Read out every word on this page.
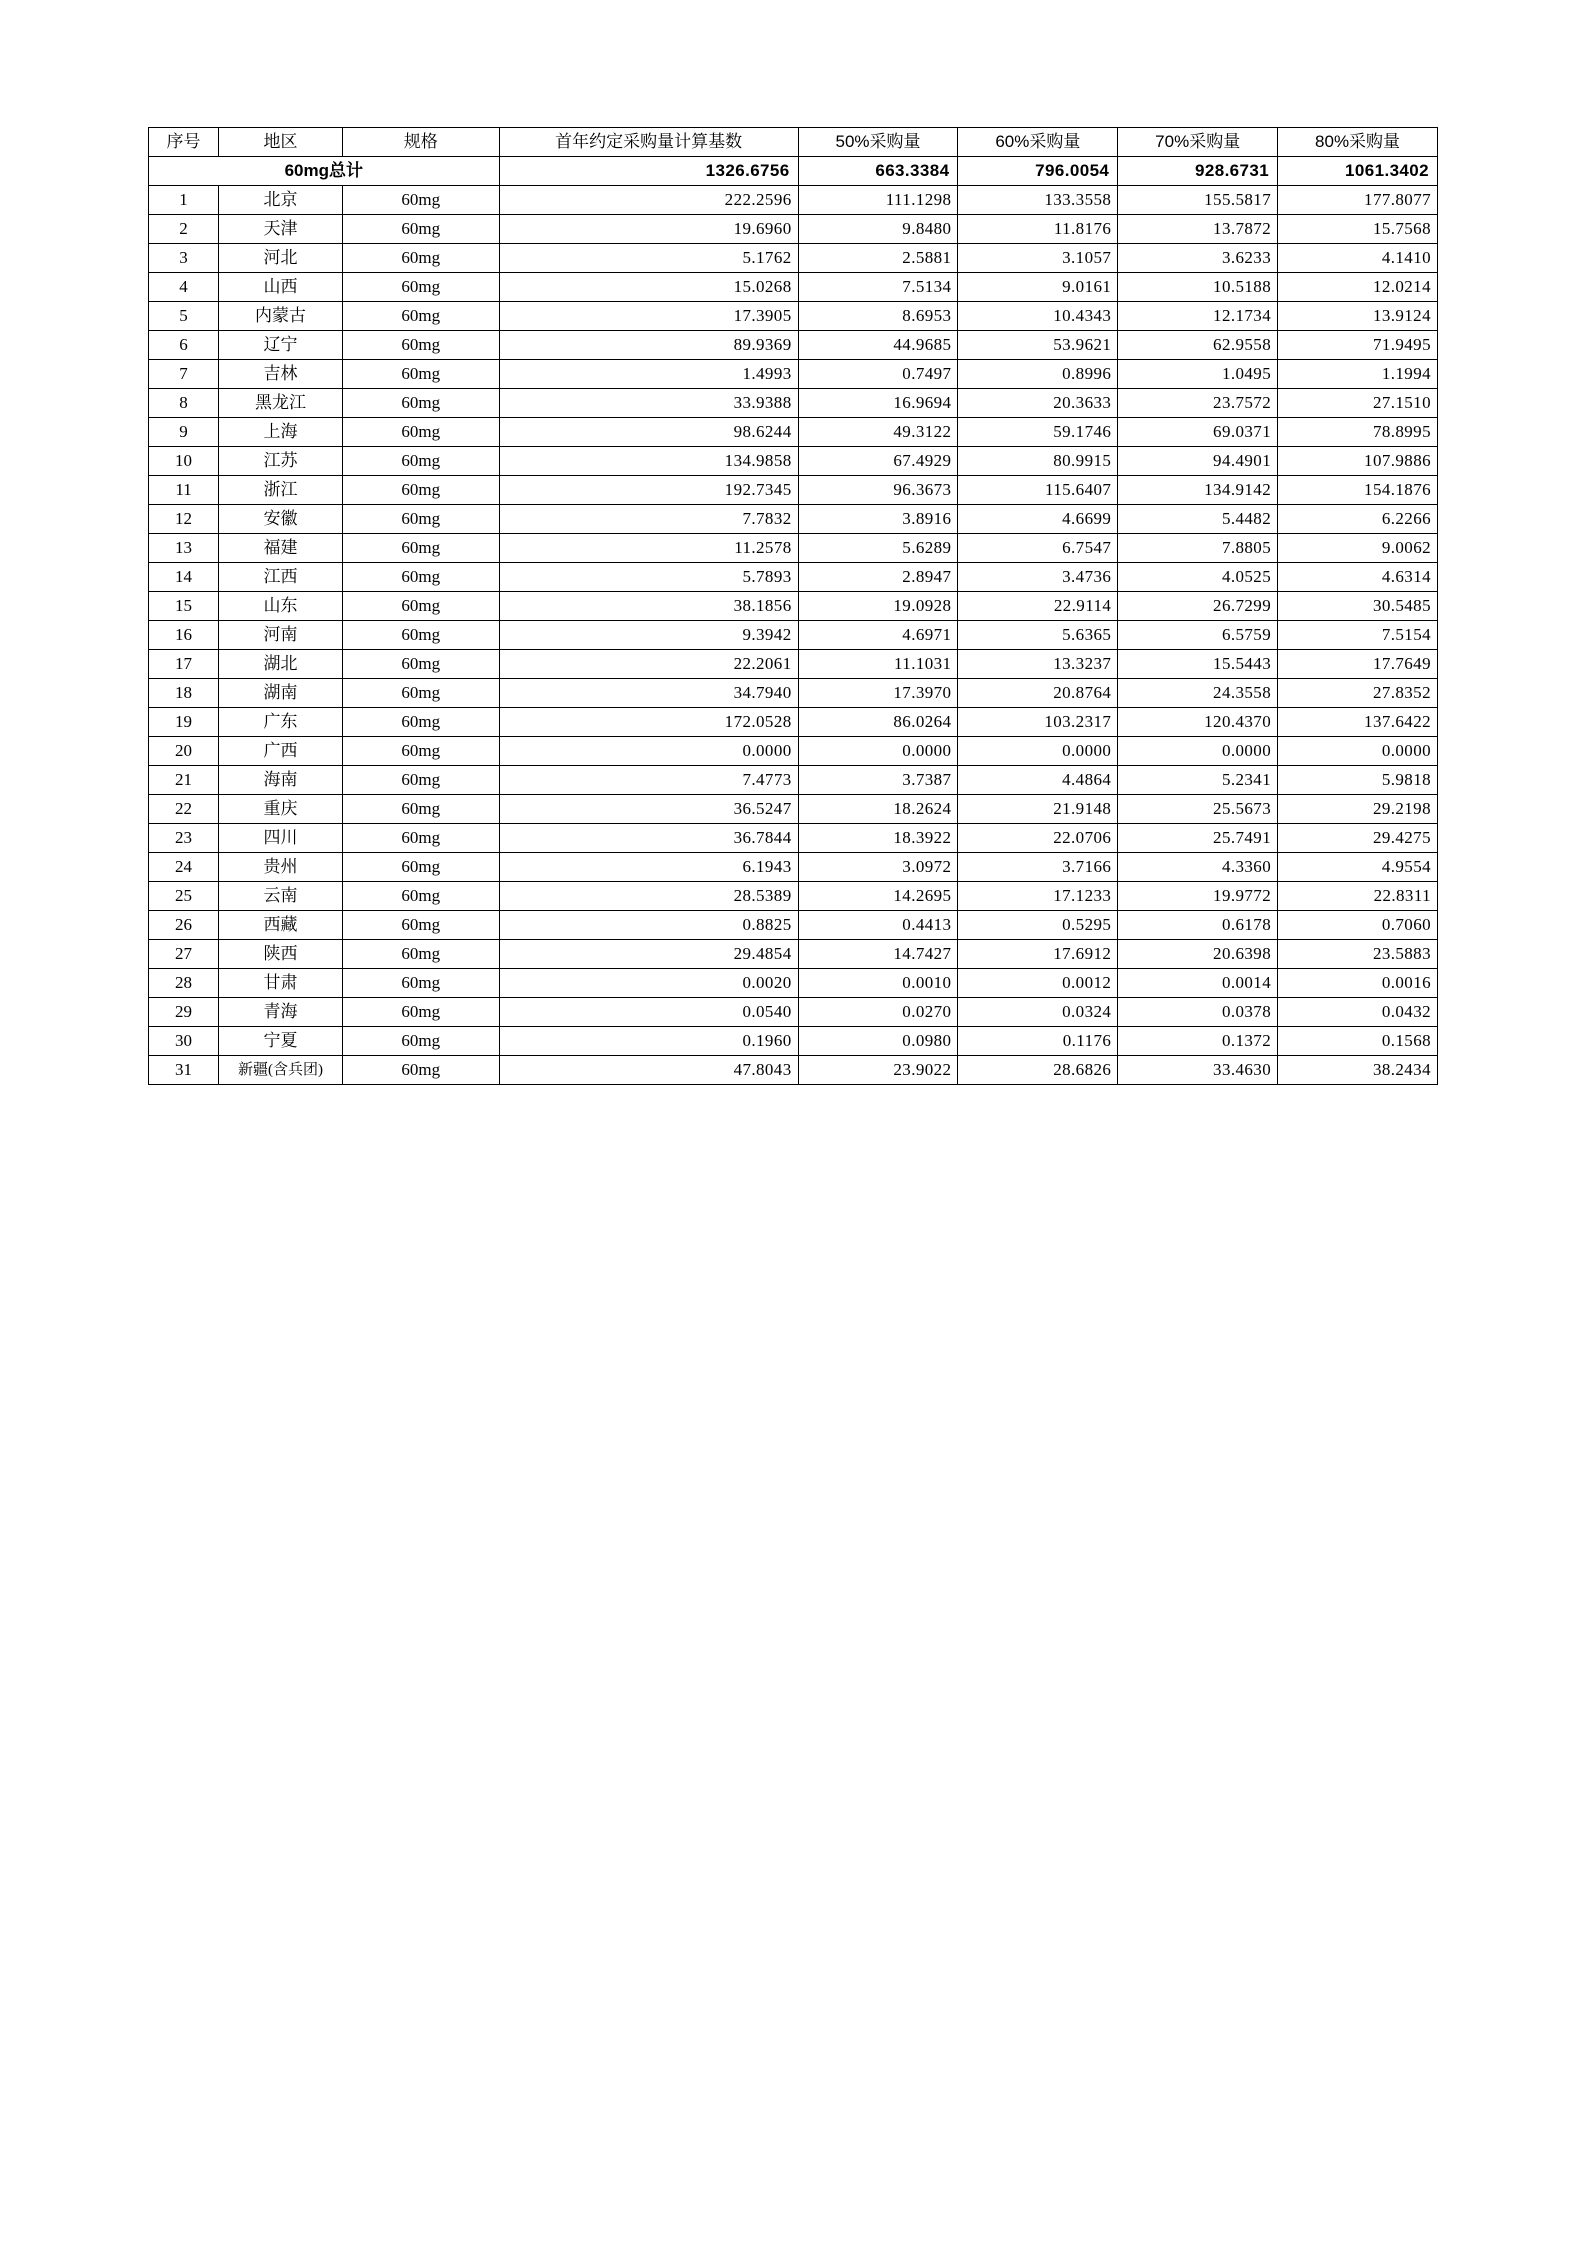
序号	地区	规格	首年约定采购量计算基数	50%采购量	60%采购量	70%采购量	80%采购量
60mg总计			1326.6756	663.3384	796.0054	928.6731	1061.3402
1	北京	60mg	222.2596	111.1298	133.3558	155.5817	177.8077
2	天津	60mg	19.6960	9.8480	11.8176	13.7872	15.7568
3	河北	60mg	5.1762	2.5881	3.1057	3.6233	4.1410
4	山西	60mg	15.0268	7.5134	9.0161	10.5188	12.0214
5	内蒙古	60mg	17.3905	8.6953	10.4343	12.1734	13.9124
6	辽宁	60mg	89.9369	44.9685	53.9621	62.9558	71.9495
7	吉林	60mg	1.4993	0.7497	0.8996	1.0495	1.1994
8	黑龙江	60mg	33.9388	16.9694	20.3633	23.7572	27.1510
9	上海	60mg	98.6244	49.3122	59.1746	69.0371	78.8995
10	江苏	60mg	134.9858	67.4929	80.9915	94.4901	107.9886
11	浙江	60mg	192.7345	96.3673	115.6407	134.9142	154.1876
12	安徽	60mg	7.7832	3.8916	4.6699	5.4482	6.2266
13	福建	60mg	11.2578	5.6289	6.7547	7.8805	9.0062
14	江西	60mg	5.7893	2.8947	3.4736	4.0525	4.6314
15	山东	60mg	38.1856	19.0928	22.9114	26.7299	30.5485
16	河南	60mg	9.3942	4.6971	5.6365	6.5759	7.5154
17	湖北	60mg	22.2061	11.1031	13.3237	15.5443	17.7649
18	湖南	60mg	34.7940	17.3970	20.8764	24.3558	27.8352
19	广东	60mg	172.0528	86.0264	103.2317	120.4370	137.6422
20	广西	60mg	0.0000	0.0000	0.0000	0.0000	0.0000
21	海南	60mg	7.4773	3.7387	4.4864	5.2341	5.9818
22	重庆	60mg	36.5247	18.2624	21.9148	25.5673	29.2198
23	四川	60mg	36.7844	18.3922	22.0706	25.7491	29.4275
24	贵州	60mg	6.1943	3.0972	3.7166	4.3360	4.9554
25	云南	60mg	28.5389	14.2695	17.1233	19.9772	22.8311
26	西藏	60mg	0.8825	0.4413	0.5295	0.6178	0.7060
27	陕西	60mg	29.4854	14.7427	17.6912	20.6398	23.5883
28	甘肃	60mg	0.0020	0.0010	0.0012	0.0014	0.0016
29	青海	60mg	0.0540	0.0270	0.0324	0.0378	0.0432
30	宁夏	60mg	0.1960	0.0980	0.1176	0.1372	0.1568
31	新疆(含兵团)	60mg	47.8043	23.9022	28.6826	33.4630	38.2434
